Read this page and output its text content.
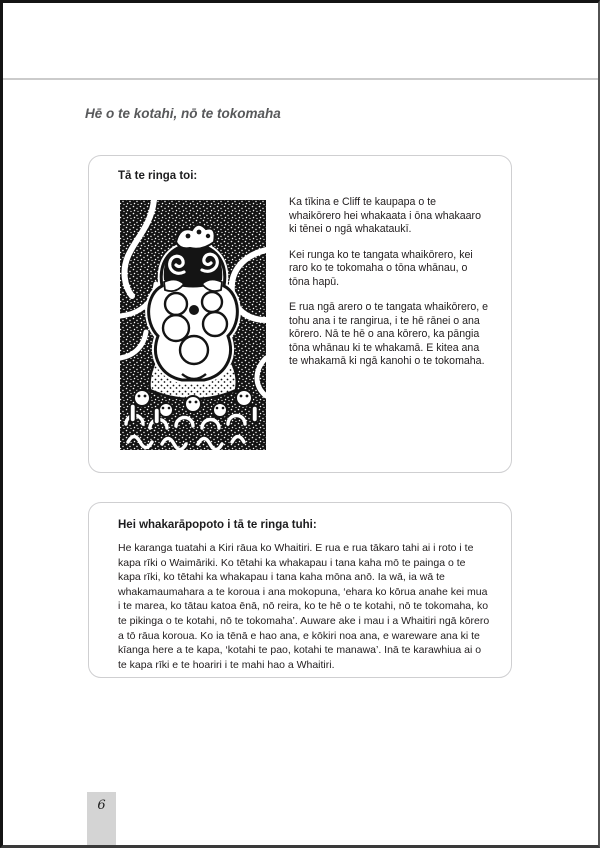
Hē o te kotahi, nō te tokomaha
Tā te ringa toi:

Ka tīkina e Cliff te kaupapa o te whaikōrero hei whakaata i ōna whakaaro ki tēnei o ngā whakataukī.

Kei runga ko te tangata whaikōrero, kei raro ko te tokomaha o tōna whānau, o tōna hapū.

E rua ngā arero o te tangata whaikōrero, e tohu ana i te rangirua, i te hē rānei o ana kōrero. Nā te hē o ana kōrero, ka pāngia tōna whānau ki te whakamā. E kitea ana te whakamā ki ngā kanohi o te tokomaha.

Hei whakarāpopoto i tā te ringa tuhi:

He karanga tuatahi a Kiri rāua ko Whaitiri. E rua e rua tākaro tahi ai i roto i te kapa rīki o Waimāriki. Ko tētahi ka whakapau i tana kaha mō te painga o te kapa rīki, ko tētahi ka whakapau i tana kaha mōna anō. Ia wā, ia wā te whakamaumahara a te koroua i ana mokopuna, ‘ehara ko kōrua anahe kei mua i te marea, ko tātau katoa ēnā, nō reira, ko te hē o te kotahi, nō te tokomaha, ko te pikinga o te kotahi, nō te tokomaha’. Auware ake i mau i a Whaitiri ngā kōrero a tō rāua koroua. Ko ia tēnā e hao ana, e kōkiri noa ana, e wareware ana ki te kīanga here a te kapa, ‘kotahi te pao, kotahi te manawa’. Inā te karawhiua ai o te kapa rīki e te hoariri i te mahi hao a Whaitiri.

6
